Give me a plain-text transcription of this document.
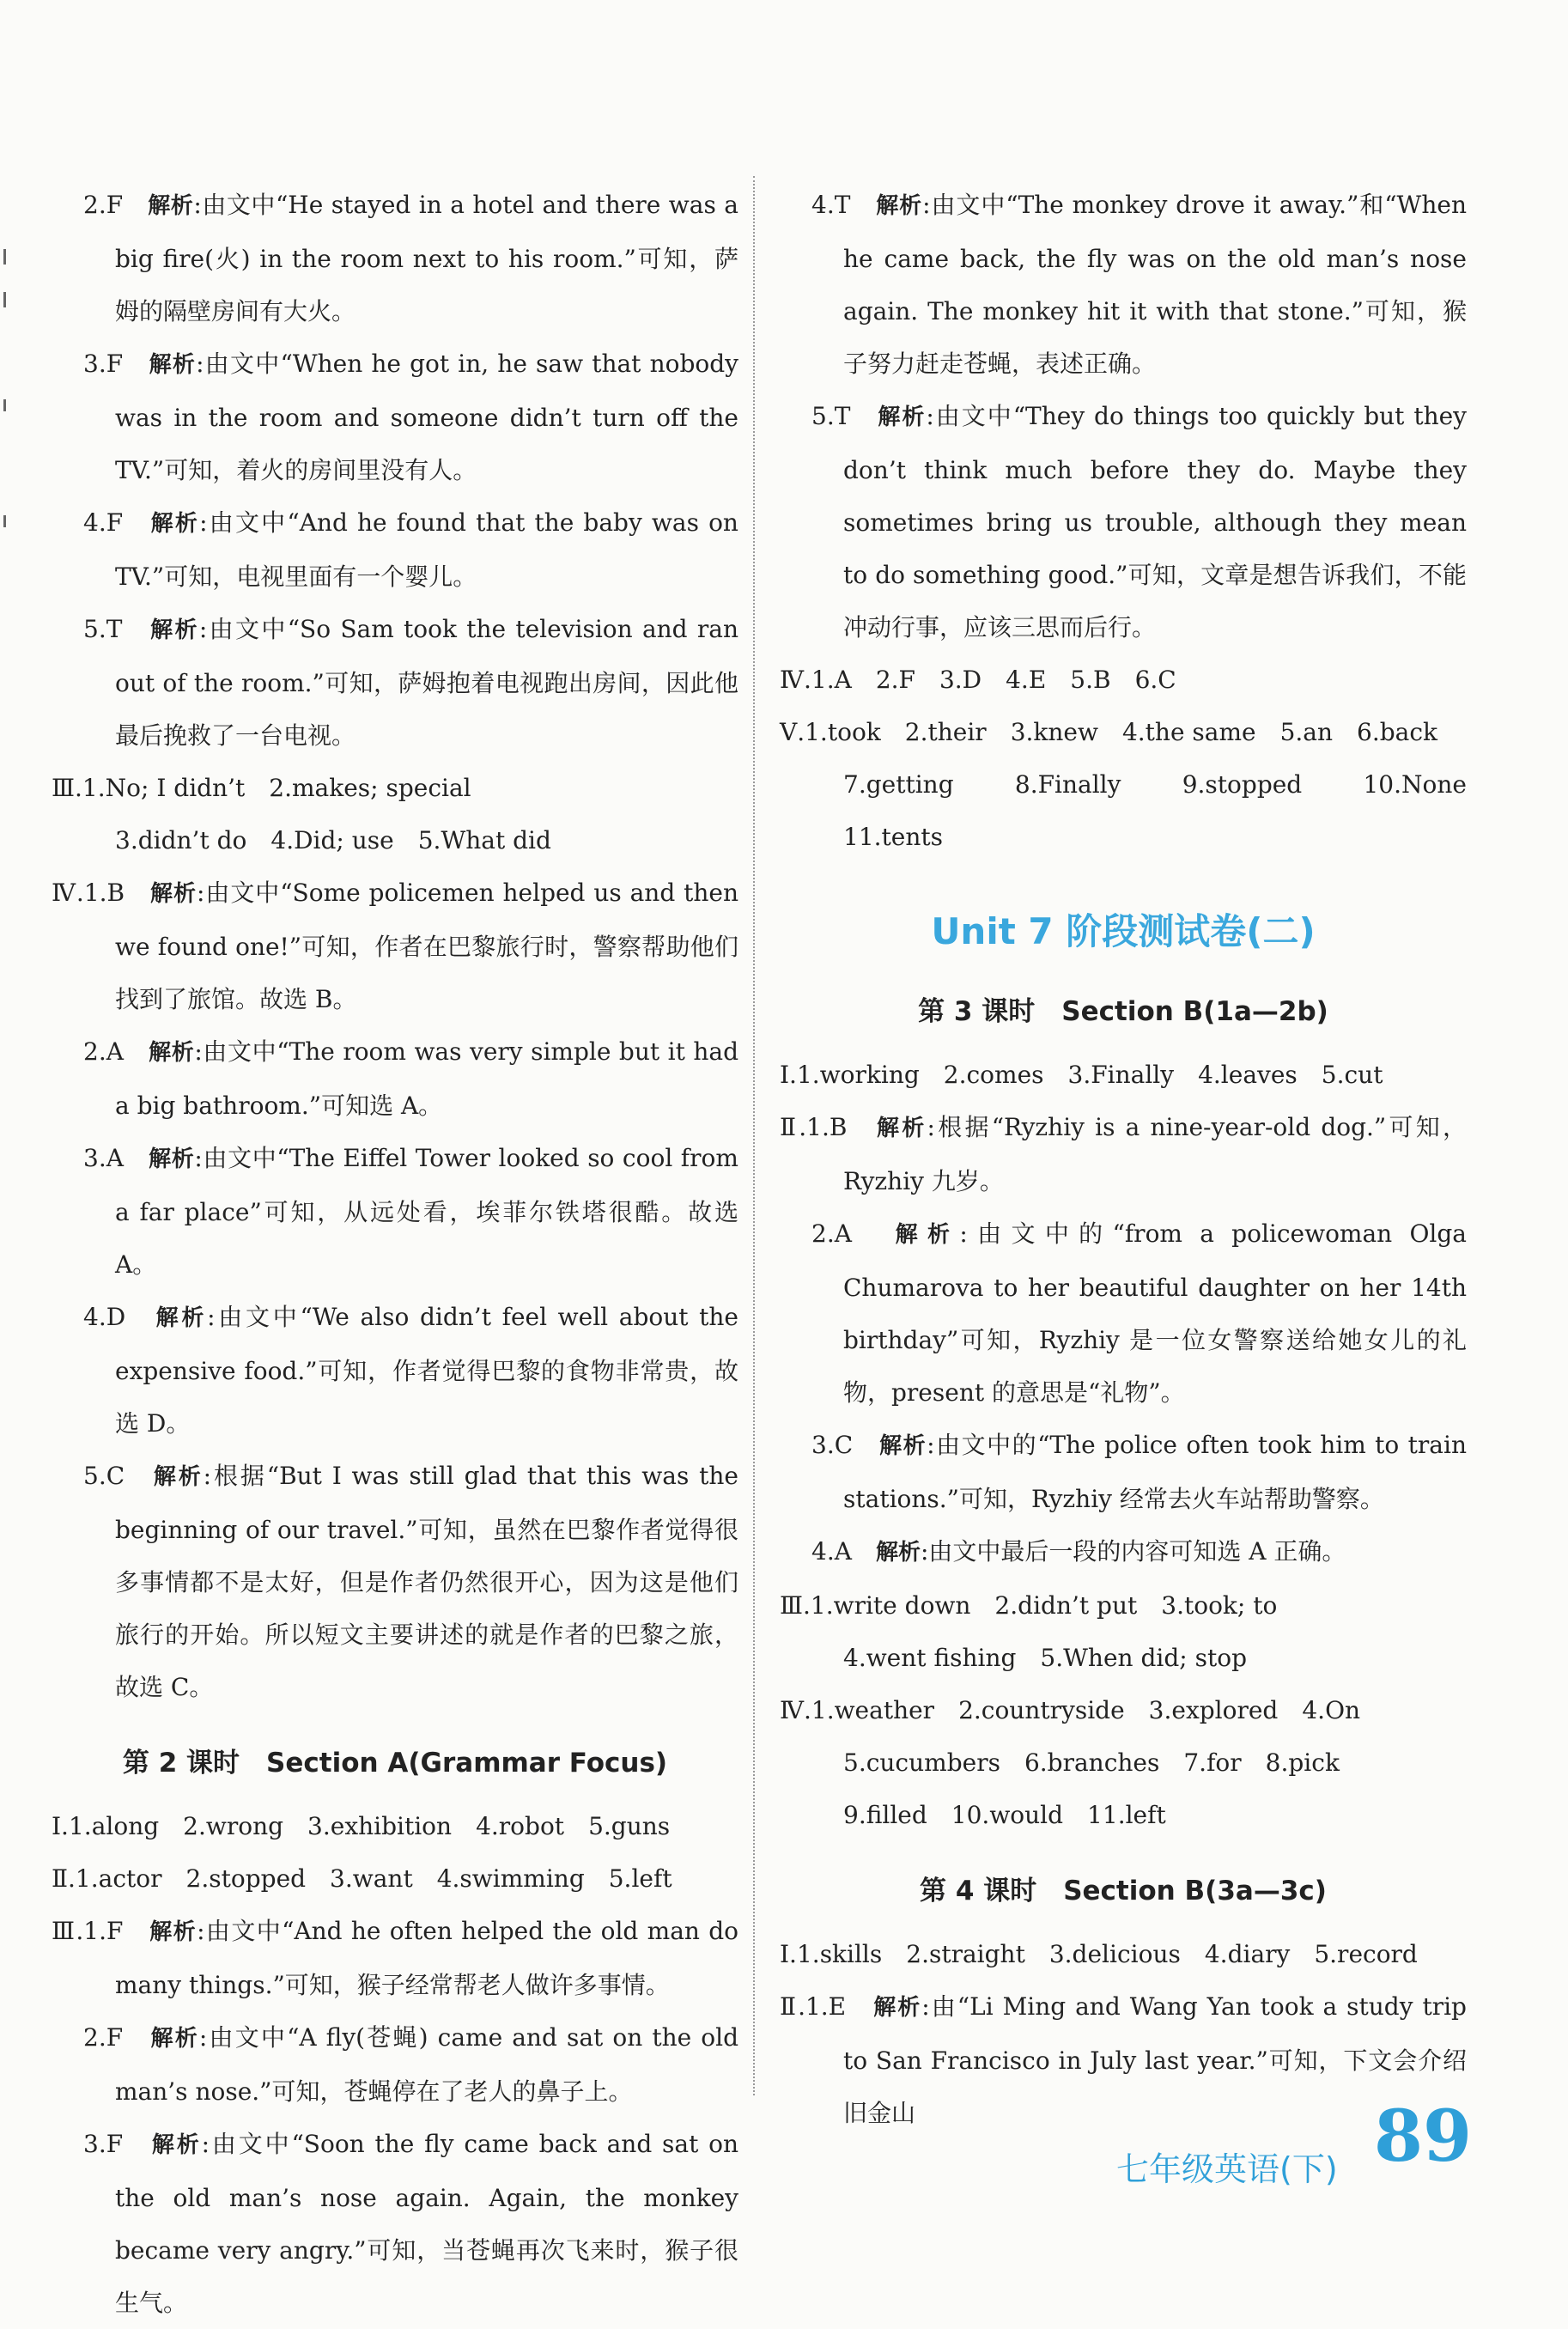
2.F　 解析:由文中“He stayed in a hotel and there was a big fire(火) in the room next to his room.”可知，萨姆的隔壁房间有大火。

3.F　 解析:由文中“When he got in, he saw that nobody was in the room and someone didn’t turn off the TV.”可知，着火的房间里没有人。

4.F　 解析:由文中“And he found that the baby was on TV.”可知，电视里面有一个婴儿。

5.T　 解析:由文中“So Sam took the television and ran out of the room.”可知，萨姆抱着电视跑出房间，因此他最后挽救了一台电视。

Ⅲ.1.No; I didn’t　2.makes; special

3.didn’t do　4.Did; use　5.What did

Ⅳ.1.B　 解析:由文中“Some policemen helped us and then we found one!”可知，作者在巴黎旅行时，警察帮助他们找到了旅馆。故选 B。

2.A　 解析:由文中“The room was very simple but it had a big bathroom.”可知选 A。

3.A　 解析:由文中“The Eiffel Tower looked so cool from a far place”可知，从远处看，埃菲尔铁塔很酷。故选 A。

4.D　 解析:由文中“We also didn’t feel well about the expensive food.”可知，作者觉得巴黎的食物非常贵，故选 D。

5.C　 解析:根据“But I was still glad that this was the beginning of our travel.”可知，虽然在巴黎作者觉得很多事情都不是太好，但是作者仍然很开心，因为这是他们旅行的开始。所以短文主要讲述的就是作者的巴黎之旅，故选 C。

第 2 课时　Section A(Grammar Focus)

Ⅰ.1.along　2.wrong　3.exhibition　4.robot　5.guns

Ⅱ.1.actor　2.stopped　3.want　4.swimming　5.left

Ⅲ.1.F　 解析:由文中“And he often helped the old man do many things.”可知，猴子经常帮老人做许多事情。

2.F　 解析:由文中“A fly(苍蝇) came and sat on the old man’s nose.”可知，苍蝇停在了老人的鼻子上。

3.F　 解析:由文中“Soon the fly came back and sat on the old man’s nose again. Again, the monkey became very angry.”可知，当苍蝇再次飞来时，猴子很生气。

4.T　 解析:由文中“The monkey drove it away.”和“When he came back, the fly was on the old man’s nose again. The monkey hit it with that stone.”可知，猴子努力赶走苍蝇，表述正确。

5.T　 解析:由文中“They do things too quickly but they don’t think much before they do. Maybe they sometimes bring us trouble, although they mean to do something good.”可知，文章是想告诉我们，不能冲动行事，应该三思而后行。

Ⅳ.1.A　2.F　3.D　4.E　5.B　6.C

Ⅴ.1.took　2.their　3.knew　4.the same　5.an　6.back

7.getting　8.Finally　9.stopped　10.None　11.tents

Unit 7 阶段测试卷(二)
第 3 课时　Section B(1a—2b)

Ⅰ.1.working　2.comes　3.Finally　4.leaves　5.cut

Ⅱ.1.B　 解析:根据“Ryzhiy is a nine-year-old dog.”可知，Ryzhiy 九岁。

2.A　 解析:由文中的“from a policewoman Olga Chumarova to her beautiful daughter on her 14th birthday”可知，Ryzhiy 是一位女警察送给她女儿的礼物，present 的意思是“礼物”。

3.C　 解析:由文中的“The police often took him to train stations.”可知，Ryzhiy 经常去火车站帮助警察。

4.A　 解析:由文中最后一段的内容可知选 A 正确。

Ⅲ.1.write down　2.didn’t put　3.took; to

4.went fishing　5.When did; stop

Ⅳ.1.weather　2.countryside　3.explored　4.On

5.cucumbers　6.branches　7.for　8.pick

9.filled　10.would　11.left

第 4 课时　Section B(3a—3c)

Ⅰ.1.skills　2.straight　3.delicious　4.diary　5.record

Ⅱ.1.E　 解析:由“Li Ming and Wang Yan took a study trip to San Francisco in July last year.”可知，下文会介绍旧金山

七年级英语(下) 89
